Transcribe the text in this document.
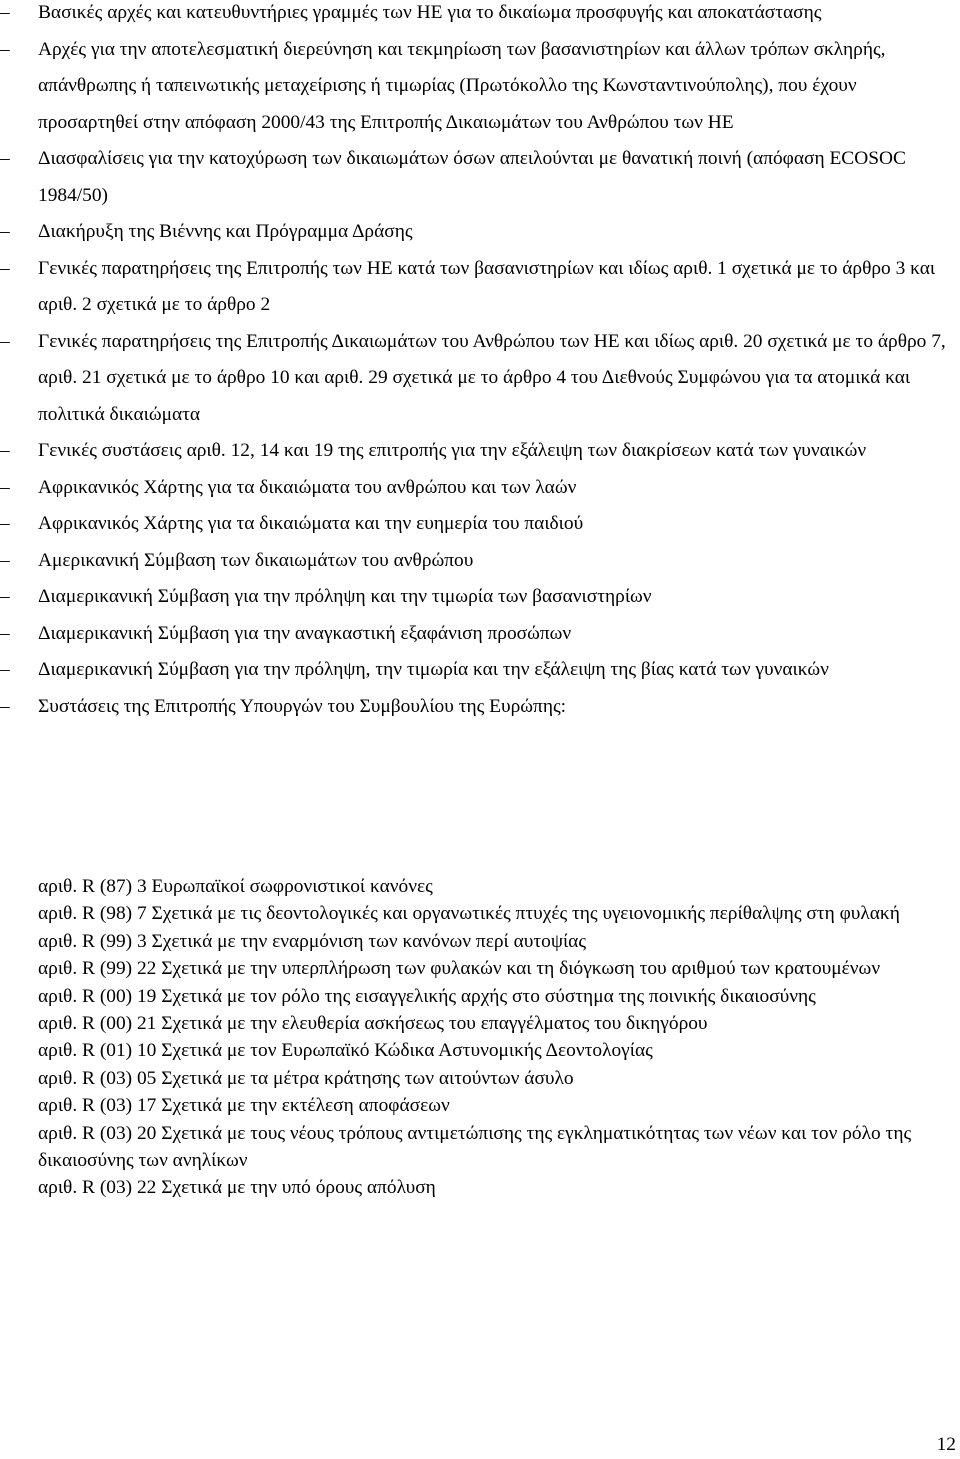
–	Βασικές αρχές και κατευθυντήριες γραμμές των ΗΕ για το δικαίωμα προσφυγής και αποκατάστασης
–	Αρχές για την αποτελεσματική διερεύνηση και τεκμηρίωση των βασανιστηρίων και άλλων τρόπων σκληρής, απάνθρωπης ή ταπεινωτικής μεταχείρισης ή τιμωρίας (Πρωτόκολλο της Κωνσταντινούπολης), που έχουν προσαρτηθεί στην απόφαση 2000/43 της Επιτροπής Δικαιωμάτων του Ανθρώπου των ΗΕ
–	Διασφαλίσεις για την κατοχύρωση των δικαιωμάτων όσων απειλούνται με θανατική ποινή (απόφαση ECOSOC 1984/50)
–	Διακήρυξη της Βιέννης και Πρόγραμμα Δράσης
–	Γενικές παρατηρήσεις της Επιτροπής των ΗΕ κατά των βασανιστηρίων και ιδίως αριθ. 1 σχετικά με το άρθρο 3 και αριθ. 2 σχετικά με το άρθρο 2
–	Γενικές παρατηρήσεις της Επιτροπής Δικαιωμάτων του Ανθρώπου των ΗΕ και ιδίως αριθ. 20 σχετικά με το άρθρο 7, αριθ. 21 σχετικά με το άρθρο 10 και αριθ. 29 σχετικά με το άρθρο 4 του Διεθνούς Συμφώνου για τα ατομικά και πολιτικά δικαιώματα
–	Γενικές συστάσεις αριθ. 12, 14 και 19 της επιτροπής για την εξάλειψη των διακρίσεων κατά των γυναικών
–	Αφρικανικός Χάρτης για τα δικαιώματα του ανθρώπου και των λαών
–	Αφρικανικός Χάρτης για τα δικαιώματα και την ευημερία του παιδιού
–	Αμερικανική Σύμβαση των δικαιωμάτων του ανθρώπου
–	Διαμερικανική Σύμβαση για την πρόληψη και την τιμωρία των βασανιστηρίων
–	Διαμερικανική Σύμβαση για την αναγκαστική εξαφάνιση προσώπων
–	Διαμερικανική Σύμβαση για την πρόληψη, την τιμωρία και την εξάλειψη της βίας κατά των γυναικών
–	Συστάσεις της Επιτροπής Υπουργών του Συμβουλίου της Ευρώπης:
αριθ. R (87) 3 Ευρωπαϊκοί σωφρονιστικοί κανόνες
αριθ. R (98) 7 Σχετικά με τις δεοντολογικές και οργανωτικές πτυχές της υγειονομικής περίθαλψης στη φυλακή
αριθ. R (99) 3 Σχετικά με την εναρμόνιση των κανόνων περί αυτοψίας
αριθ. R (99) 22 Σχετικά με την υπερπλήρωση των φυλακών και τη διόγκωση του αριθμού των κρατουμένων
αριθ. R (00) 19 Σχετικά με τον ρόλο της εισαγγελικής αρχής στο σύστημα της ποινικής δικαιοσύνης
αριθ. R (00) 21 Σχετικά με την ελευθερία ασκήσεως του επαγγέλματος του δικηγόρου
αριθ. R (01) 10 Σχετικά με τον Ευρωπαϊκό Κώδικα Αστυνομικής Δεοντολογίας
αριθ. R (03) 05 Σχετικά με τα μέτρα κράτησης των αιτούντων άσυλο
αριθ. R (03) 17 Σχετικά με την εκτέλεση αποφάσεων
αριθ. R (03) 20 Σχετικά με τους νέους τρόπους αντιμετώπισης της εγκληματικότητας των νέων και τον ρόλο της δικαιοσύνης των ανηλίκων
αριθ. R (03) 22 Σχετικά με την υπό όρους απόλυση
12
